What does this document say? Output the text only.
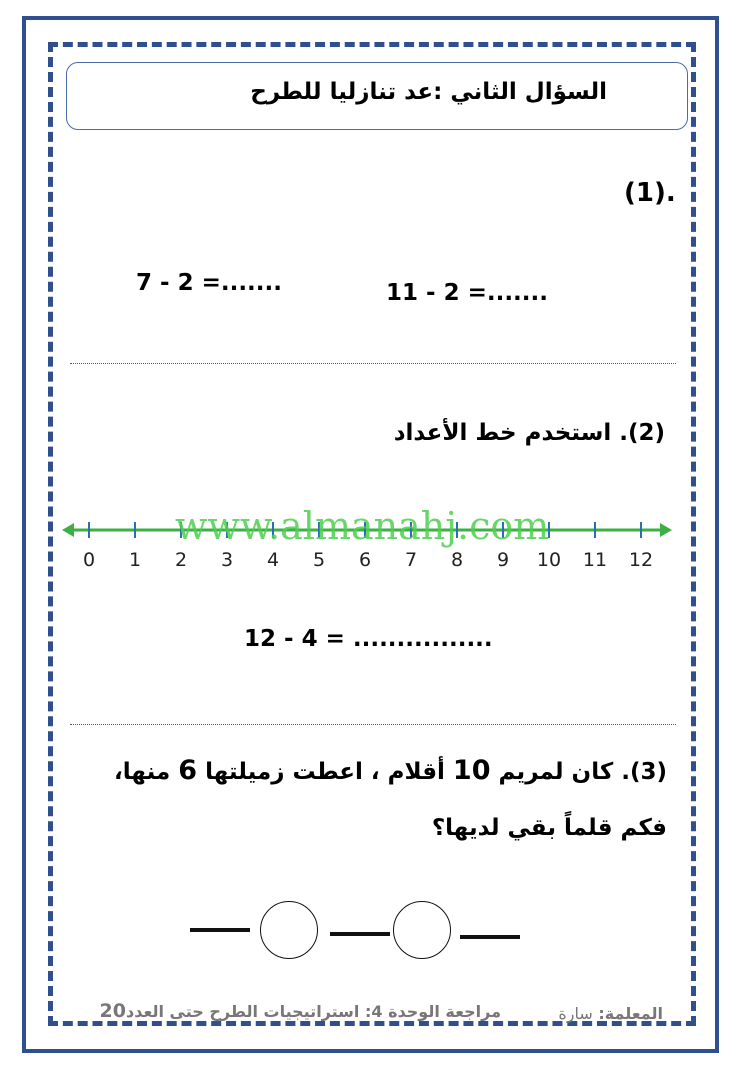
السؤال الثاني :عد تنازليا للطرح
(1).
7 - 2 =.......	11 - 2 =.......
(2). استخدم خط الأعداد
0 1 2 3 4 5 6 7 8 9 10 11 12
www.almanahj.com
12 - 4 = ................
(3). كان لمريم 10 أقلام ، اعطت زميلتها 6 منها،
فكم قلماً بقي لديها؟
المعلمة: سارة
مراجعة الوحدة 4: استراتيجيات الطرح حتى العدد20
